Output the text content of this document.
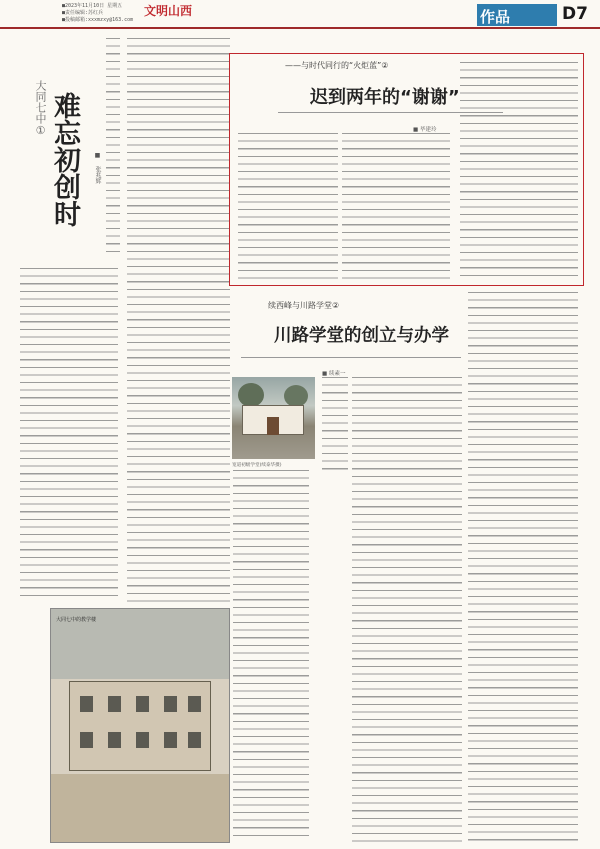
■2023年11月10日 星期五
■责任编辑:苏红兵
■投稿邮箱:xxxmzxy@163.com
文明山西	作品	D7
大同七中① 难忘初创时 ■ 张兆辉
大同七中的教学楼
——与时代同行的“火炬蓝”②
迟到两年的“谢谢”
■ 毕建玲
续西峰与川路学堂②
川路学堂的创立与办学
■ 续素一
宽道初级学堂(续泰华摄)
